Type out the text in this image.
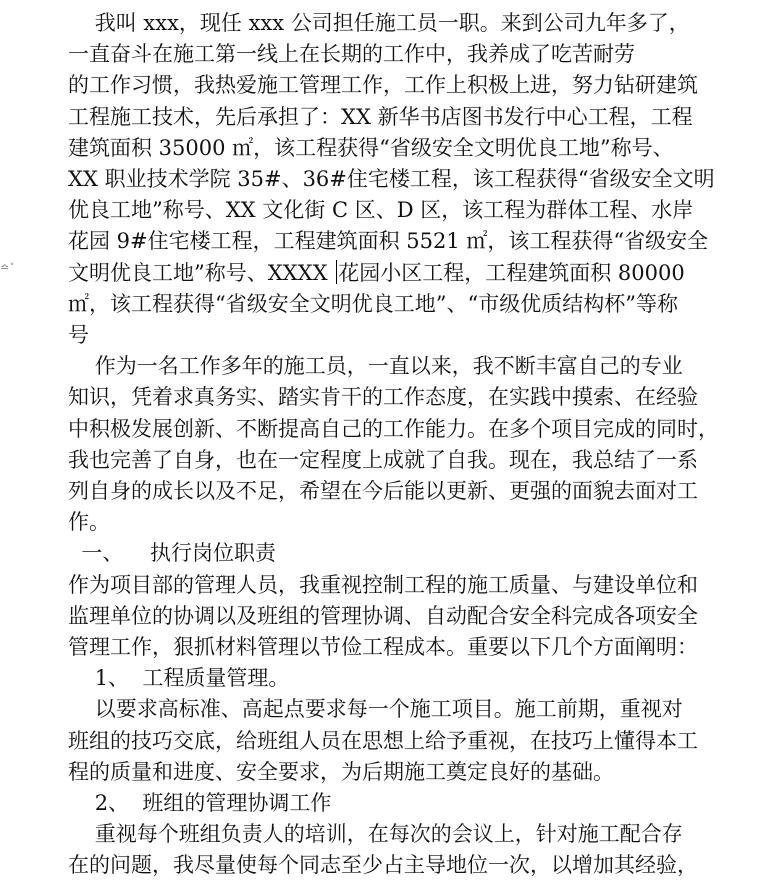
≏˅
我叫 xxx，现任 xxx 公司担任施工员一职。来到公司九年多了，
一直奋斗在施工第一线上在长期的工作中，我养成了吃苦耐劳
的工作习惯，我热爱施工管理工作，工作上积极上进，努力钻研建筑
工程施工技术，先后承担了：XX 新华书店图书发行中心工程，工程
建筑面积 35000 ㎡，该工程获得“省级安全文明优良工地”称号、
XX 职业技术学院 35#、36#住宅楼工程，该工程获得“省级安全文明
优良工地”称号、XX 文化街 C 区、D 区，该工程为群体工程、水岸
花园 9#住宅楼工程，工程建筑面积 5521 ㎡，该工程获得“省级安全
文明优良工地”称号、XXXX 花园小区工程，工程建筑面积 80000
㎡，该工程获得“省级安全文明优良工地”、“市级优质结构杯”等称
号
作为一名工作多年的施工员，一直以来，我不断丰富自己的专业
知识，凭着求真务实、踏实肯干的工作态度，在实践中摸索、在经验
中积极发展创新、不断提高自己的工作能力。在多个项目完成的同时，
我也完善了自身，也在一定程度上成就了自我。现在，我总结了一系
列自身的成长以及不足，希望在今后能以更新、更强的面貌去面对工
作。
一、    执行岗位职责
作为项目部的管理人员，我重视控制工程的施工质量、与建设单位和
监理单位的协调以及班组的管理协调、自动配合安全科完成各项安全
管理工作，狠抓材料管理以节俭工程成本。重要以下几个方面阐明：
1、  工程质量管理。
以要求高标准、高起点要求每一个施工项目。施工前期，重视对
班组的技巧交底，给班组人员在思想上给予重视，在技巧上懂得本工
程的质量和进度、安全要求，为后期施工奠定良好的基础。
2、  班组的管理协调工作
重视每个班组负责人的培训，在每次的会议上，针对施工配合存
在的问题，我尽量使每个同志至少占主导地位一次，以增加其经验，
